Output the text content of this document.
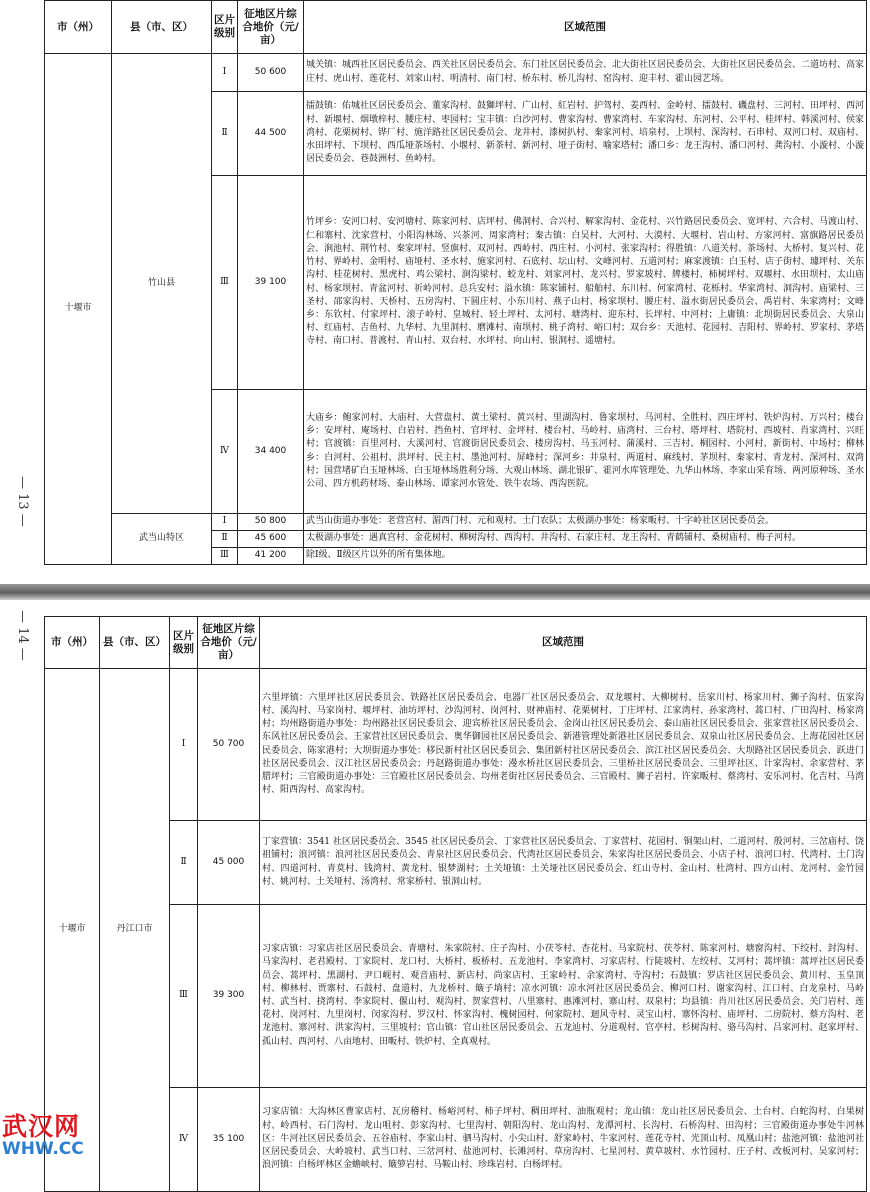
— 13 —
市（州）	县（市、区）	区片级别	征地区片综合地价（元/亩）	区域范围
十堰市	竹山县	Ⅰ	50 600	城关镇：城西社区居民委员会、西关社区居民委员会、东门社区居民委员会、北大街社区居民委员会、大街社区居民委员会、二道坊村、高家庄村、虎山村、莲花村、刘家山村、明清村、南门村、桥东村、桥儿沟村、窑沟村、迎丰村、霍山园艺场。
		Ⅱ	44 500	擂鼓镇：佑城社区居民委员会、董家沟村、鼓獅坪村、广山村、紅岩村、护驾村、姜西村、金岭村、擂鼓村、磯盘村、三河村、田坪村、西河村、新堰村、烟墩梓村、腰庄村、枣园村；宝丰镇：白沙河村、曹家沟村、曹家湾村、车家沟村、东河村、公平村、桂坪村、韩溪河村、侯家湾村、花栗树村、铧厂村、施洋路社区居民委员会、龙井村、漆树扒村、秦家河村、培泉村、上坝村、深沟村、石串村、双河口村、双庙村、水田坪村、下坝村、西瓜垭茶场村、小堰村、新茶村、新河村、垭子街村、喻家塔村；潘口乡：龙王沟村、潘口河村、龚沟村、小漩村、小漩居民委员会、巷鼓洲村、鱼岭村。
		Ⅲ	39 100	竹坪乡：安河口村、安河塘村、陈家河村、店坪村、佛洞村、合兴村、解家沟村、金花村、兴竹路居民委员会、宽坪村、六合村、马渡山村、仁和寨村、沈家营村、小阳沟林场、兴茶河、周家湾村；秦古镇：白吴村、大河村、大漠村、大堰村、岩山村、方家河村、富旗路居民委员会、涧池村、荆竹村、秦家坪村、竖旗村、双河村、西岭村、西庄村、小河村、张家沟村；得胜镇：八道关村、茶场村、大桥村、复兴村、花竹村、界岭村、金明村、庙垭村、圣水村、施家河村、石底村、坛山村、文峰河村、五道河村；麻家渡镇：白玉村、店子街村、璩坪村、关东沟村、桂花树村、黑虎村、鸡公梁村、涧沟梁村、蛟龙村、刘家河村、龙兴村、罗家坡村、牌楼村、柿树坪村、双堰村、水田坝村、太山庙村、杨家坝村、青盆河村、祈岭河村、总兵安村；溢水镇：陈家铺村、船舶村、东川村、何家湾村、花栎村、华家湾村、洞沟村、庙梁村、三圣村、邵家沟村、天桥村、五房沟村、下圆庄村、小东川村、燕子山村、杨家坝村、腰庄村、溢水街居民委员会、禹岩村、朱家湾村；文峰乡：东钦村、付家坪村、滚子岭村、皇城村、轻土坪村、太河村、塘湾村、迎东村、长坪村、中河村；上庸镇：北坝街居民委员会、大泉山村、红庙村、吉鱼村、九华村、九里洞村、磨滩村、南坝村、桃子湾村、峪口村；双台乡：天池村、花园村、吉阳村、界岭村、罗家村、茅塔寺村、南口村、普渡村、青山村、双台村、水坪村、向山村、银洞村、遥塘村。
		Ⅳ	34 400	大庙乡：鲍家河村、大庙村、大营盘村、黄土梁村、黄兴村、里湖沟村、鲁家坝村、马河村、全胜村、四庄坪村、铁炉沟村、万兴村；楼台乡：安坪村、庵场村、白岩村、挡鱼村、官坪村、金坪村、楼台村、马岭村、庙湾村、三台村、塔坪村、塔院村、西坡村、肖家湾村、兴旺村；官渡镇：百里河村、大溪河村、官渡街居民委员会、楼房沟村、马玉河村、蒲溪村、三吉村、桐园村、小河村、新街村、中场村；柳林乡：白河村、公祖村、洪坪村、民主村、墨池河村、屏峰村；深河乡：井泉村、两道村、麻线村、茅坝村、秦家村、青龙村、深河村、双湾村；国营堵矿白玉垭林场、白玉垭林场胜利分场、大观山林场、湖北银矿、霍河水库管理处、九华山林场、李家山采育场、两河原种场、圣水公司、四方机药材场、泰山林场、谭家河水管处、铁牛农场、西沟医院。
	武当山特区	Ⅰ	50 800	武当山街道办事处：老营宫村、湄西门村、元和观村、土门农队；太极湖办事处：杨家畈村、十字岭社区居民委员会。
		Ⅱ	45 600	太极湖办事处：遇真宫村、金花树村、柳树沟村、西沟村、井沟村、石家庄村、龙王沟村、青鹤铺村、桑树庙村、梅子河村。
		Ⅲ	41 200	除Ⅰ级、Ⅱ级区片以外的所有集体地。
— 14 — 市（州）	县（市、区）	区片级别	征地区片综合地价（元/亩）	区域范围
十堰市	丹江口市	Ⅰ	50 700	六里坪镇：六里坪社区居民委员会、铁路社区居民委员会、电器厂社区居民委员会、双龙堰村、大柳树村、岳家川村、杨家川村、狮子沟村、伍家沟村、溪沟村、马家岗村、堰坪村、油坊坪村、沙沟河村、岗河村、财神庙村、花栗树村、丁庄坪村、江家湾村、孙家湾村、蒿口村、广田沟村、杨家湾村；均州路街道办事处：均州路社区居民委员会、迎宾桥社区居民委员会、金岗山社区居民委员会、泰山庙社区居民委员会、张家营社区居民委员会、东风社区居民委员会、王家营社区居民委员会、奥华御园社区居民委员会、新港管理处新港社区居民委员会、双泉山社区居民委员会、上海花园社区居民委员会、陈家港村；大坝街道办事处：移民新村社区居民委员会、集团新村社区居民委员会、滨江社区居民委员会、大坝路社区居民委员会、跃进门社区居民委员会、汉江社区居民委员会；丹赵路街道办事处：漫水桥社区居民委员会、三里桥社区居民委员会、三里坪社区、计家沟村、余家营村、茅腊坪村；三官殿街道办事处：三官殿社区居民委员会、均州老街社区居民委员会、三官殿村、狮子岩村、许家畈村、蔡湾村、安乐河村、化吉村、马湾村、阳西沟村、高家沟村。
		Ⅱ	45 000	丁家营镇：3541 社区居民委员会、3545 社区居民委员会、丁家营社区居民委员会、丁家营村、花园村、铜架山村、二道河村、殷河村、三岔庙村、饶祖铺村；浪河镇：浪河社区居民委员会、青泉社区居民委员会、代湾社区居民委员会、朱家沟社区居民委员会、小店子村、浪河口村、代湾村、土门沟村、四道河村、青莫村、钱湾村、黄龙村、银梦湖村；土关垭镇：土关垭社区居民委员会、红山寺村、金山村、杜湾村、四方山村、龙河村、金竹园村、姚河村、土关垭村、汤湾村、常家桥村、银洞山村。
		Ⅲ	39 300	习家店镇：习家店社区居民委员会、青塘村、朱家院村、庄子沟村、小茯苓村、杏花村、马家院村、茯苓村、陈家河村、塘窗沟村、下绞村、封沟村、马家沟村、老君殿村、丁家院村、龙口村、大桥村、板桥村、五龙池村、李家湾村、习家店村、行陡坡村、左绞村、艾河村；蒿坪镇：蒿坪社区居民委员会、蒿坪村、黑湖村、尹口岘村、观音庙村、新店村、尚家店村、王家岭村、余家湾村、寺沟村；石鼓镇：罗店社区居民委员会、黄川村、玉皇顶村、柳林村、贾寨村、石鼓村、盘道村、九龙桥村、簸子埫村；凉水河镇：凉水河社区居民委员会、柳河口村、谢家沟村、江口村、白龙泉村、马岭村、武当村、挠湾村、李家院村、偃山村、观沟村、贺家营村、八里寨村、惠滩河村、寨山村、双泉村；均县镇：肖川社区居民委员会、关门岩村、莲花村、岗河村、九里岗村、闵家沟村、罗汉村、怀家沟村、槐树园村、何家院村、迴风寺村、灵宝山村、寨怀沟村、庙坪村、二房院村、蔡方沟村、老龙池村、寨河村、洪家沟村、三里坡村；官山镇：官山社区居民委员会、五龙辿村、分道观村、官亭村、杉树沟村、骆马沟村、吕家河村、赵家坪村、孤山村、西河村、八亩地村、田畈村、铁炉村、全真观村。
		Ⅳ	35 100	习家店镇：大沟林区曹家店村、瓦房稽村、杨峪河村、柿子坪村、稠田坪村、油瓶观村；龙山镇：龙山社区居民委员会、土台村、白蛇沟村、白果树村、岭西村、石门沟村、龙山咀村、彭家沟村、七里沟村、朝阳沟村、龙山沟村、龙潭河村、长沟村、石桥沟村、田沟村；三官殿街道办事处牛河林区：牛河社区居民委员会、五谷庙村、李家山村、驷马沟村、小尖山村、舒家岭村、牛家河村、莲花寺村、光顶山村、凤凰山村；盐池河镇：盐池河社区居民委员会、大岭坡村、武当口村、三岔河村、盐池河村、长滩河村、草房沟村、七星河村、黄草坡村、水竹园村、庄子村、改板河村、吴家河村；浪河镇：白杨坪林区金蟾峡村、簸箩岩村、马鞍山村、珍珠岩村、白杨坪村。
武汉网
WHW.CC
